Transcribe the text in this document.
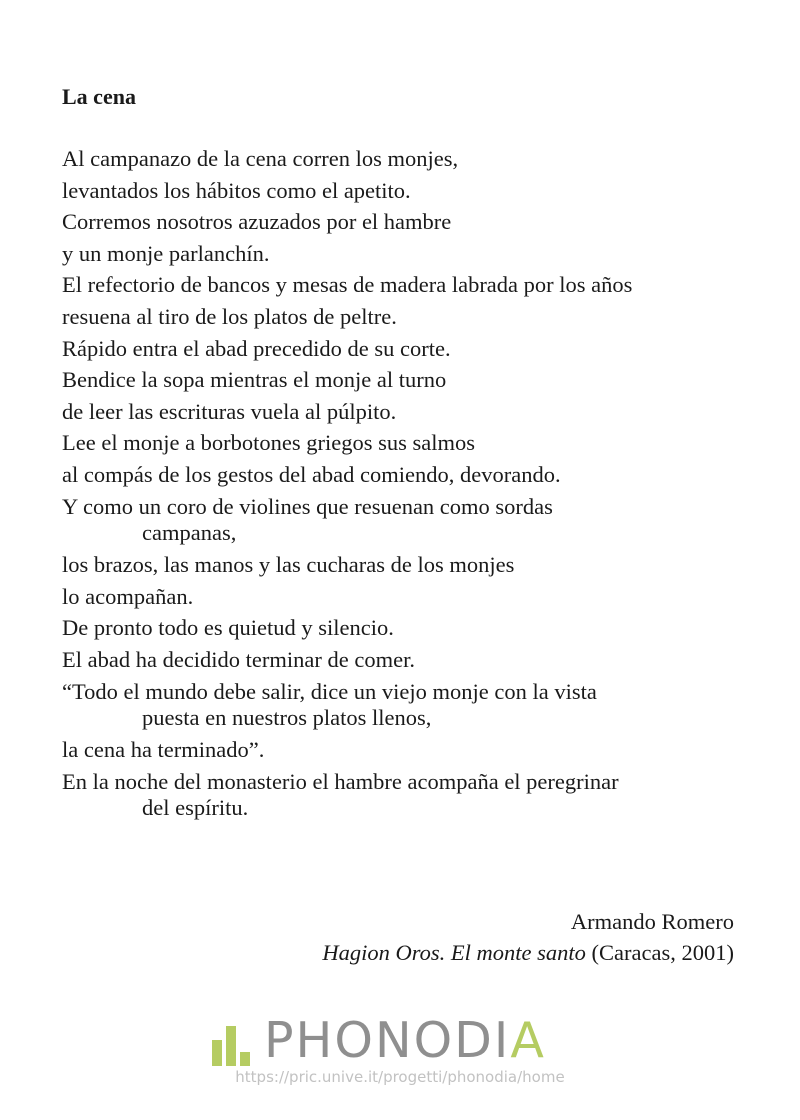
La cena
Al campanazo de la cena corren los monjes,
levantados los hábitos como el apetito.
Corremos nosotros azuzados por el hambre
y un monje parlanchín.
El refectorio de bancos y mesas de madera labrada por los años
resuena al tiro de los platos de peltre.
Rápido entra el abad precedido de su corte.
Bendice la sopa mientras el monje al turno
de leer las escrituras vuela al púlpito.
Lee el monje a borbotones griegos sus salmos
al compás de los gestos del abad comiendo, devorando.
Y como un coro de violines que resuenan como sordas
campanas,
los brazos, las manos y las cucharas de los monjes
lo acompañan.
De pronto todo es quietud y silencio.
El abad ha decidido terminar de comer.
“Todo el mundo debe salir, dice un viejo monje con la vista
puesta en nuestros platos llenos,
la cena ha terminado”.
En la noche del monasterio el hambre acompaña el peregrinar
del espíritu.
Armando Romero
Hagion Oros. El monte santo (Caracas, 2001)
PHONODIA
https://pric.unive.it/progetti/phonodia/home
